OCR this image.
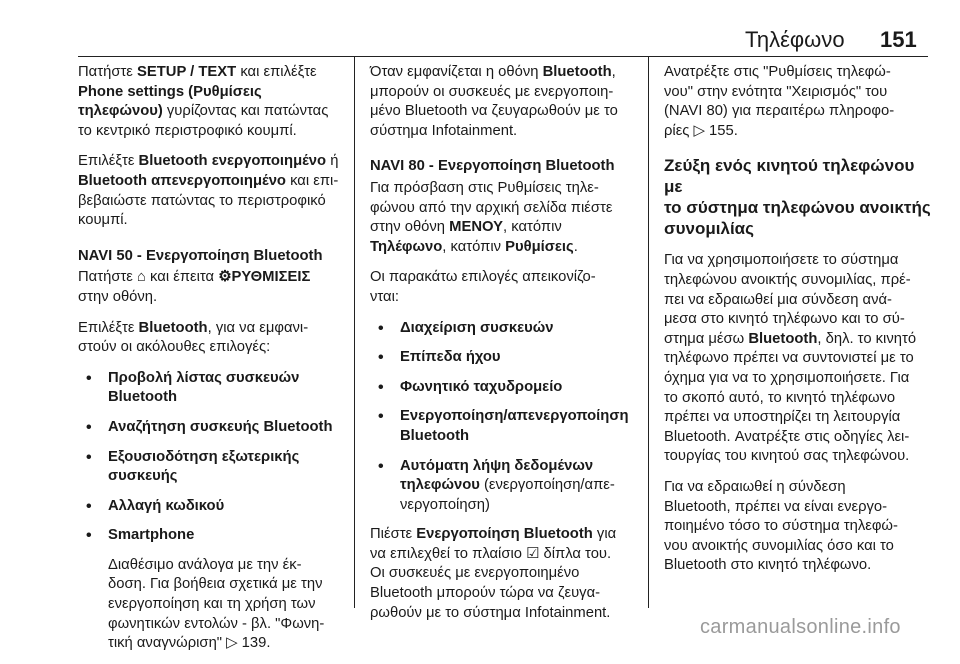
Τηλέφωνο 151

Πατήστε SETUP / TEXT και επιλέξτε
Phone settings (Ρυθμίσεις
τηλεφώνου) γυρίζοντας και πατώντας
το κεντρικό περιστροφικό κουμπί.

Επιλέξτε Bluetooth ενεργοποιημένο ή
Bluetooth απενεργοποιημένο και επι-
βεβαιώστε πατώντας το περιστροφικό
κουμπί.

NAVI 50 - Ενεργοποίηση Bluetooth

Πατήστε ⌂ και έπειτα ⚙ΡΥΘΜΙΣΕΙΣ
στην οθόνη.

Επιλέξτε Bluetooth, για να εμφανι-
στούν οι ακόλουθες επιλογές:

• Προβολή λίστας συσκευών Bluetooth
• Αναζήτηση συσκευής Bluetooth
• Εξουσιοδότηση εξωτερικής συσκευής
• Αλλαγή κωδικού
• Smartphone

Διαθέσιμο ανάλογα με την έκ-
δοση. Για βοήθεια σχετικά με την
ενεργοποίηση και τη χρήση των
φωνητικών εντολών - βλ. "Φωνη-
τική αναγνώριση" ▷ 139.

Όταν εμφανίζεται η οθόνη Bluetooth,
μπορούν οι συσκευές με ενεργοποιη-
μένο Bluetooth να ζευγαρωθούν με το
σύστημα Infotainment.

NAVI 80 - Ενεργοποίηση Bluetooth

Για πρόσβαση στις Ρυθμίσεις τηλε-
φώνου από την αρχική σελίδα πιέστε
στην οθόνη ΜΕΝΟΥ, κατόπιν
Τηλέφωνο, κατόπιν Ρυθμίσεις.

Οι παρακάτω επιλογές απεικονίζο-
νται:

• Διαχείριση συσκευών
• Επίπεδα ήχου
• Φωνητικό ταχυδρομείο
• Ενεργοποίηση/απενεργοποίηση Bluetooth
• Αυτόματη λήψη δεδομένων τηλεφώνου (ενεργοποίηση/απε-
νεργοποίηση)

Πιέστε Ενεργοποίηση Bluetooth για
να επιλεχθεί το πλαίσιο ☑ δίπλα του.
Οι συσκευές με ενεργοποιημένο
Bluetooth μπορούν τώρα να ζευγα-
ρωθούν με το σύστημα Infotainment.

Ανατρέξτε στις "Ρυθμίσεις τηλεφώ-
νου" στην ενότητα "Χειρισμός" του
(NAVI 80) για περαιτέρω πληροφο-
ρίες ▷ 155.

Ζεύξη ενός κινητού τηλεφώνου με
το σύστημα τηλεφώνου ανοικτής
συνομιλίας

Για να χρησιμοποιήσετε το σύστημα
τηλεφώνου ανοικτής συνομιλίας, πρέ-
πει να εδραιωθεί μια σύνδεση ανά-
μεσα στο κινητό τηλέφωνο και το σύ-
στημα μέσω Bluetooth, δηλ. το κινητό
τηλέφωνο πρέπει να συντονιστεί με το
όχημα για να το χρησιμοποιήσετε. Για
το σκοπό αυτό, το κινητό τηλέφωνο
πρέπει να υποστηρίζει τη λειτουργία
Bluetooth. Ανατρέξτε στις οδηγίες λει-
τουργίας του κινητού σας τηλεφώνου.

Για να εδραιωθεί η σύνδεση
Bluetooth, πρέπει να είναι ενεργο-
ποιημένο τόσο το σύστημα τηλεφώ-
νου ανοικτής συνομιλίας όσο και το
Bluetooth στο κινητό τηλέφωνο.

carmanualsonline.info
